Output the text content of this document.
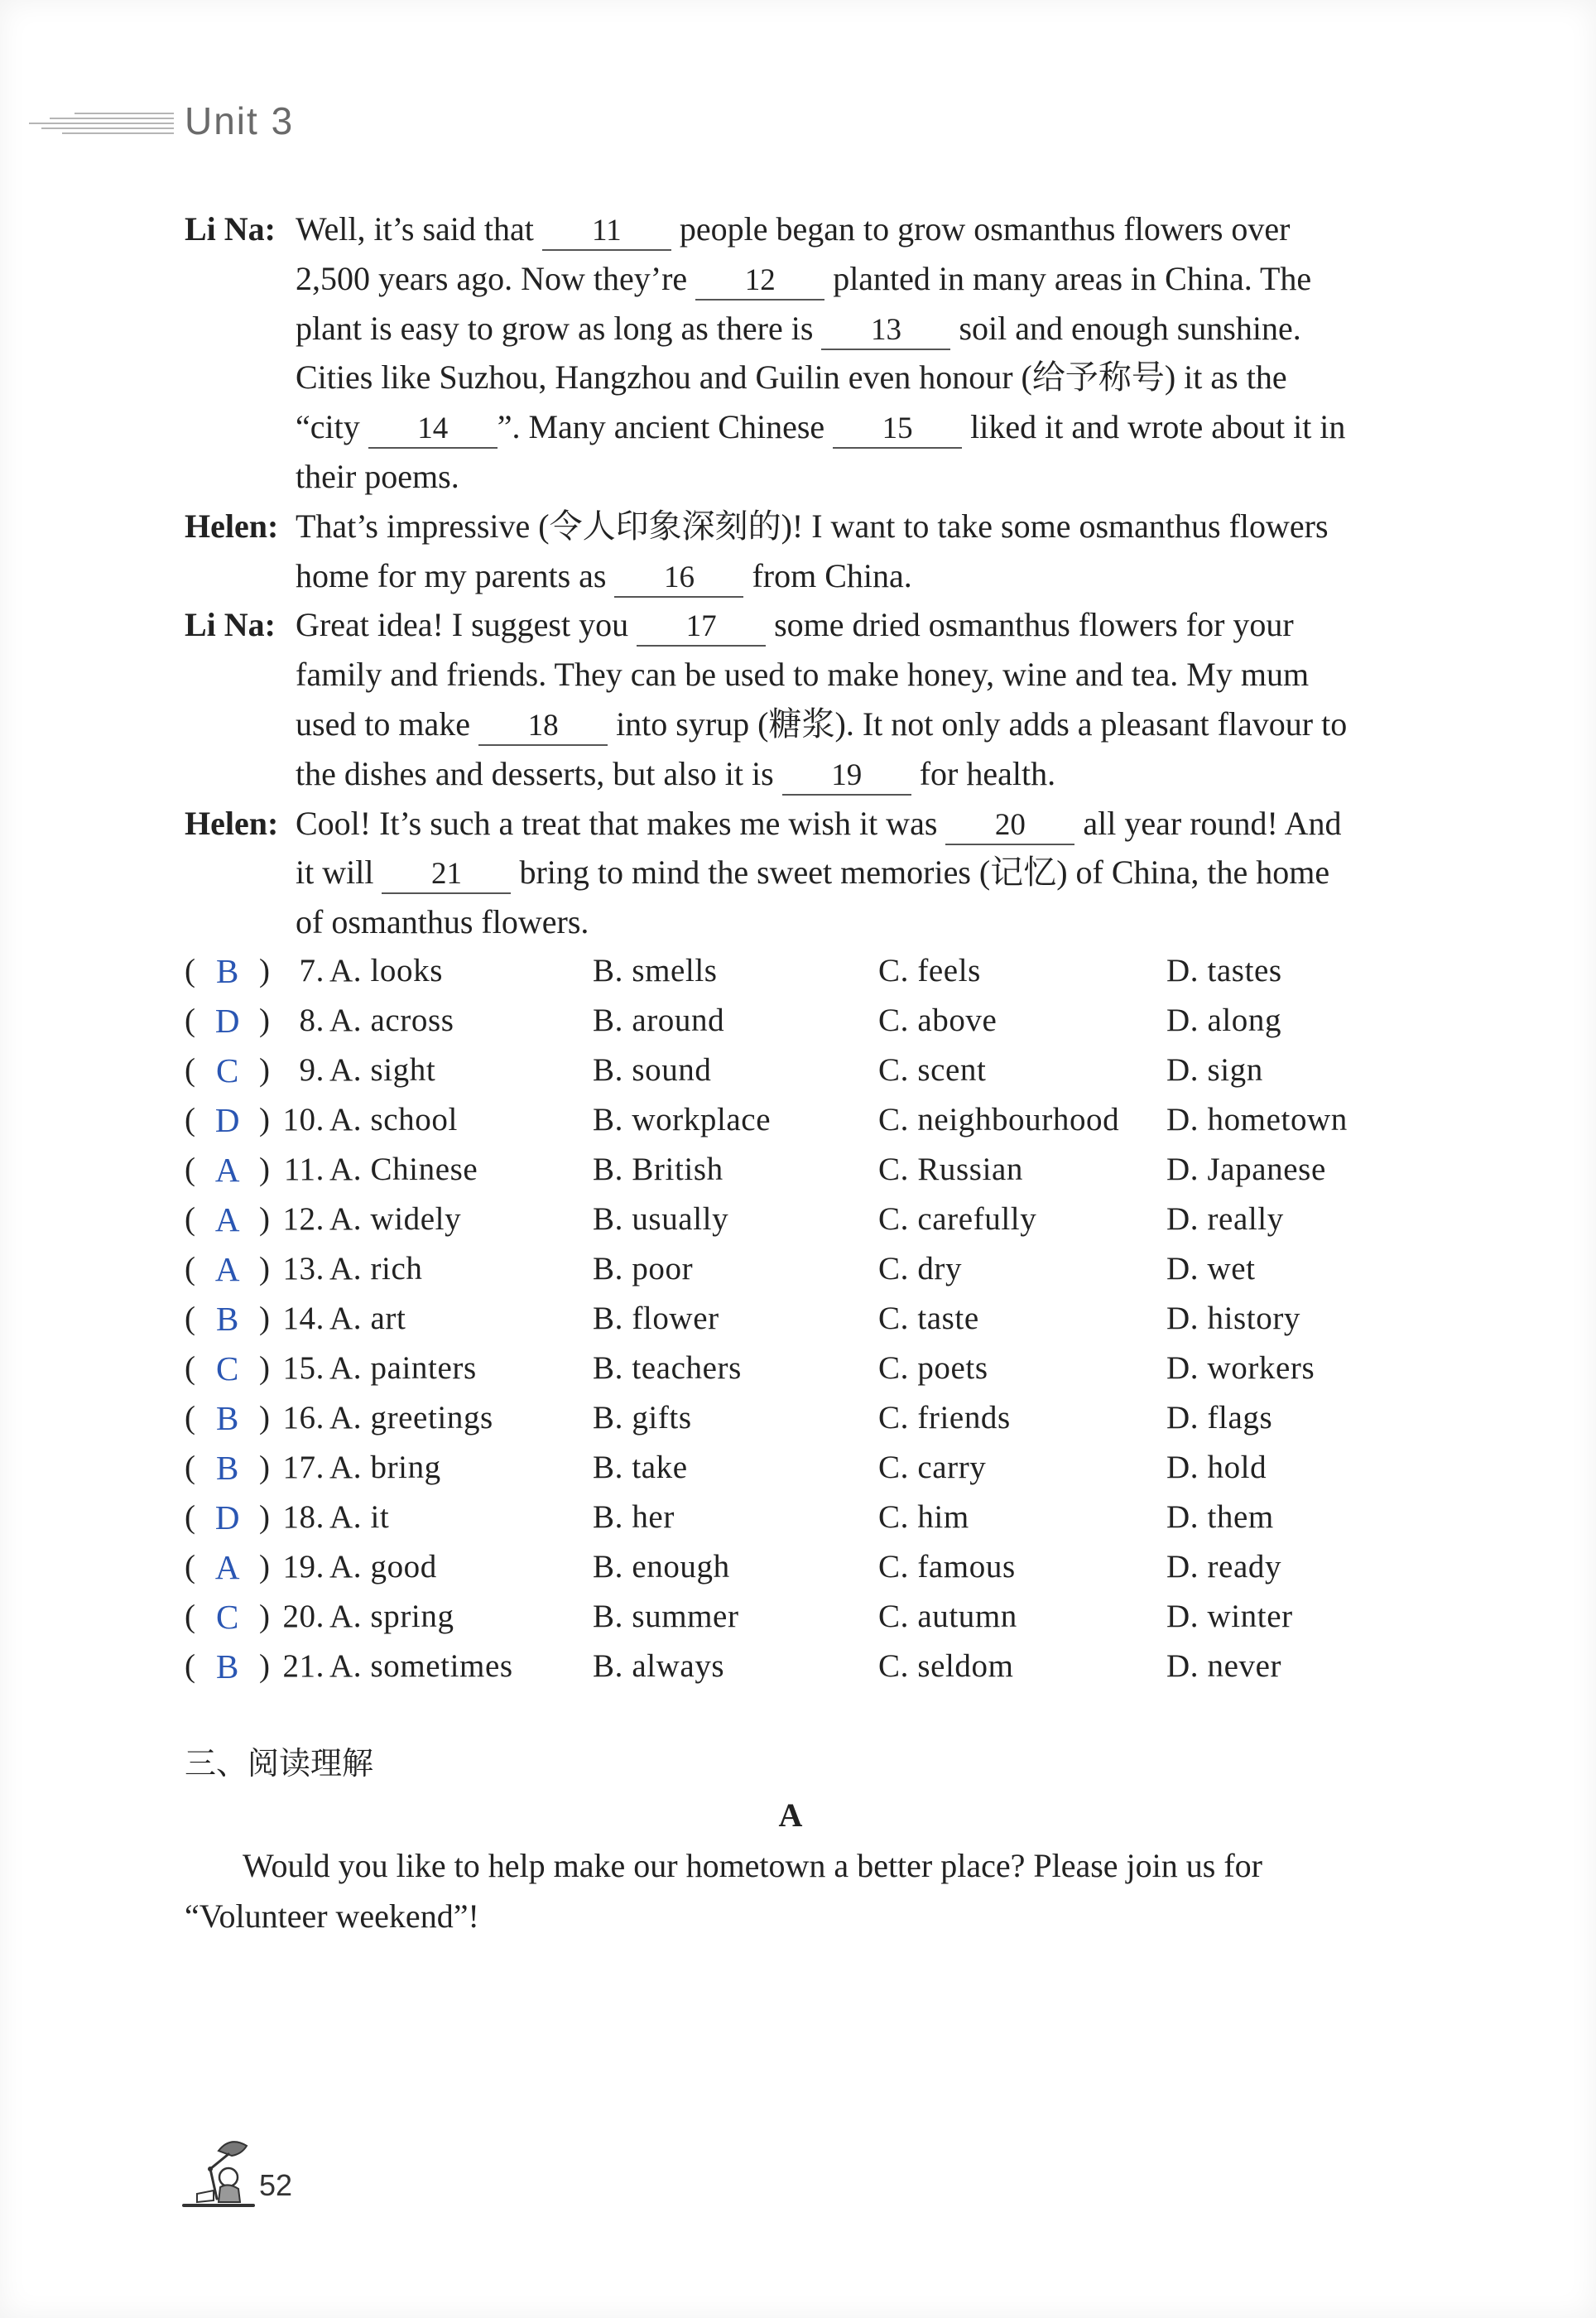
Unit 3
Li Na: Well, it’s said that 11 people began to grow osmanthus flowers over
2,500 years ago. Now they’re 12 planted in many areas in China. The
plant is easy to grow as long as there is 13 soil and enough sunshine.
Cities like Suzhou, Hangzhou and Guilin even honour (给予称号) it as the
“city 14 ”. Many ancient Chinese 15 liked it and wrote about it in
their poems.
Helen: That’s impressive (令人印象深刻的)! I want to take some osmanthus flowers
home for my parents as 16 from China.
Li Na: Great idea! I suggest you 17 some dried osmanthus flowers for your
family and friends. They can be used to make honey, wine and tea. My mum
used to make 18 into syrup (糖浆). It not only adds a pleasant flavour to
the dishes and desserts, but also it is 19 for health.
Helen: Cool! It’s such a treat that makes me wish it was 20 all year round! And
it will 21 bring to mind the sweet memories (记忆) of China, the home
of osmanthus flowers.
( B ) 7. A. looks	B. smells	C. feels	D. tastes
( D ) 8. A. across	B. around	C. above	D. along
( C ) 9. A. sight	B. sound	C. scent	D. sign
( D ) 10. A. school	B. workplace	C. neighbourhood D. hometown
( A ) 11. A. Chinese	B. British	C. Russian	D. Japanese
( A ) 12. A. widely	B. usually	C. carefully	D. really
( A ) 13. A. rich	B. poor	C. dry	D. wet
( B ) 14. A. art	B. flower	C. taste	D. history
( C ) 15. A. painters	B. teachers	C. poets	D. workers
( B ) 16. A. greetings	B. gifts	C. friends	D. flags
( B ) 17. A. bring	B. take	C. carry	D. hold
( D ) 18. A. it	B. her	C. him	D. them
( A ) 19. A. good	B. enough	C. famous	D. ready
( C ) 20. A. spring	B. summer	C. autumn	D. winter
( B ) 21. A. sometimes B. always	C. seldom	D. never
三、阅读理解
A
Would you like to help make our hometown a better place? Please join us for
“Volunteer weekend”!
52
